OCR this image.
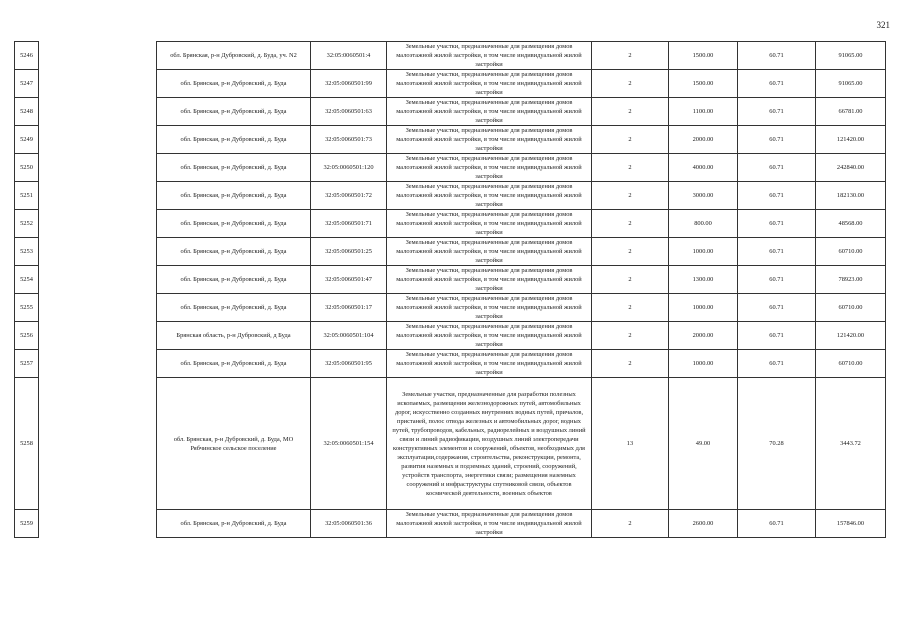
321
5246		обл. Брянская, р-н Дубровский, д. Буда, уч. N2	32:05:0060501:4	Земельные участки, предназначенные для размещения домов малоэтажной жилой застройки, в том числе индивидуальной жилой застройки	2	1500.00	60.71	91065.00
5247		обл. Брянская, р-н Дубровский, д. Буда	32:05:0060501:99	Земельные участки, предназначенные для размещения домов малоэтажной жилой застройки, в том числе индивидуальной жилой застройки	2	1500.00	60.71	91065.00
5248		обл. Брянская, р-н Дубровский, д. Буда	32:05:0060501:63	Земельные участки, предназначенные для размещения домов малоэтажной жилой застройки, в том числе индивидуальной жилой застройки	2	1100.00	60.71	66781.00
5249		обл. Брянская, р-н Дубровский, д. Буда	32:05:0060501:73	Земельные участки, предназначенные для размещения домов малоэтажной жилой застройки, в том числе индивидуальной жилой застройки	2	2000.00	60.71	121420.00
5250		обл. Брянская, р-н Дубровский, д. Буда	32:05:0060501:120	Земельные участки, предназначенные для размещения домов малоэтажной жилой застройки, в том числе индивидуальной жилой застройки	2	4000.00	60.71	242840.00
5251		обл. Брянская, р-н Дубровский, д. Буда	32:05:0060501:72	Земельные участки, предназначенные для размещения домов малоэтажной жилой застройки, в том числе индивидуальной жилой застройки	2	3000.00	60.71	182130.00
5252		обл. Брянская, р-н Дубровский, д. Буда	32:05:0060501:71	Земельные участки, предназначенные для размещения домов малоэтажной жилой застройки, в том числе индивидуальной жилой застройки	2	800.00	60.71	48568.00
5253		обл. Брянская, р-н Дубровский, д. Буда	32:05:0060501:25	Земельные участки, предназначенные для размещения домов малоэтажной жилой застройки, в том числе индивидуальной жилой застройки	2	1000.00	60.71	60710.00
5254		обл. Брянская, р-н Дубровский, д. Буда	32:05:0060501:47	Земельные участки, предназначенные для размещения домов малоэтажной жилой застройки, в том числе индивидуальной жилой застройки	2	1300.00	60.71	78923.00
5255		обл. Брянская, р-н Дубровский, д. Буда	32:05:0060501:17	Земельные участки, предназначенные для размещения домов малоэтажной жилой застройки, в том числе индивидуальной жилой застройки	2	1000.00	60.71	60710.00
5256		Брянская область, р-н Дубровский, д Буда	32:05:0060501:104	Земельные участки, предназначенные для размещения домов малоэтажной жилой застройки, в том числе индивидуальной жилой застройки	2	2000.00	60.71	121420.00
5257		обл. Брянская, р-н Дубровский, д. Буда	32:05:0060501:95	Земельные участки, предназначенные для размещения домов малоэтажной жилой застройки, в том числе индивидуальной жилой застройки	2	1000.00	60.71	60710.00
5258		обл. Брянская, р-н Дубровский, д. Буда, МО Рябчинское сельское поселение	32:05:0060501:154	Земельные участки, предназначенные для разработки полезных ископаемых, размещения железнодорожных путей, автомобильных дорог, искусственно созданных внутренних водных путей, причалов, пристаней, полос отвода железных и автомобильных дорог, водных путей, трубопроводов, кабельных, радиорелейных и воздушных линий связи и линий радиофикации, воздушных линий электропередачи конструктивных элементов и сооружений, объектов, необходимых для эксплуатации,содержания, строительства, реконструкции, ремонта, развития наземных и подземных зданий, строений, сооружений, устройств транспорта, энергетики связи; размещения наземных сооружений и инфраструктуры спутниковой связи, объектов космической деятельности, военных объектов	13	49.00	70.28	3443.72
5259		обл. Брянская, р-н Дубровский, д. Буда	32:05:0060501:36	Земельные участки, предназначенные для размещения домов малоэтажной жилой застройки, в том числе индивидуальной жилой застройки	2	2600.00	60.71	157846.00
